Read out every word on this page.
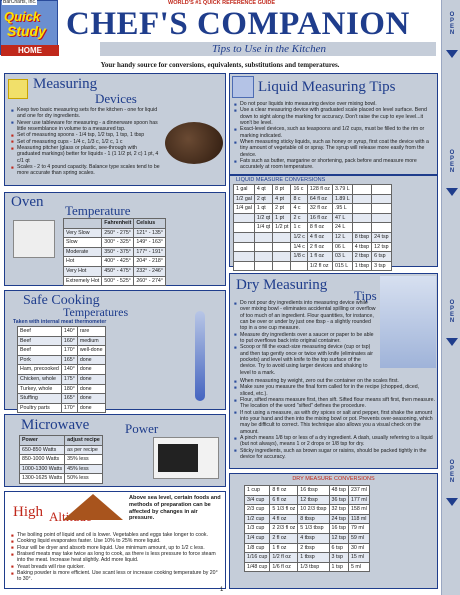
Quick
Study
HOME
BarCharts, Inc.	WORLD'S #1 QUICK REFERENCE GUIDE
CHEF'S COMPANION
Tips to Use in the Kitchen
Your handy source for conversions, equivalents, substitutions and temperatures.
OPEN
OPEN
OPEN
OPEN
Measuring
Devices
■ Keep two basic measuring sets for the kitchen - one for liquid and one for dry ingredients.
■ Never use tableware for measuring - a dinnerware spoon has little resemblance in volume to a measured tsp.
■ Set of measuring spoons - 1/4 tsp, 1/2 tsp, 1 tsp, 1 tbsp
■ Set of measuring cups - 1/4 c, 1/3 c, 1/2 c, 1 c
■ Measuring pitcher (glass or plastic, see-through with graduated markings) better for liquids - 1 (1 1/2 pt, 2 c) 1 pt, 4 c/1 qt
■ Scales - 2 to 4 pound capacity. Balance type scales tend to be more accurate than spring scales.
Liquid Measuring Tips
■ Do not pour liquids into measuring device over mixing bowl.
■ Use a clear measuring device with graduated scale placed on level surface. Bend down to sight along the marking for accuracy. Don't raise the cup to eye level...it won't be level.
■ Exact-level devices, such as teaspoons and 1/2 cups, must be filled to the rim or marking indicated.
■ When measuring sticky liquids, such as honey or syrup, first coat the device with a tiny amount of vegetable oil or spray. The syrup will release more easily from the device.
■ Fats such as butter, margarine or shortening, pack before and measure more accurately at room temperature.
LIQUID MEASURE CONVERSIONS
1 gal	4 qt	8 pt	16 c	128 fl oz	3.79 L		
1/2 gal	2 qt	4 pt	8 c	64 fl oz	1.89 L		
1/4 gal	1 qt	2 pt	4 c	32 fl oz	.95 L		
	1/2 qt	1 pt	2 c	16 fl oz	47 L		
	1/4 qt	1/2 pt	1 c	8 fl oz	24 L		
			1/2 c	4 fl oz	12 L	8 tbsp	24 tsp
			1/4 c	2 fl oz	06 L	4 tbsp	12 tsp
			1/8 c	1 fl oz	03 L	2 tbsp	6 tsp
				1/2 fl oz	015 L	1 tbsp	3 tsp
Oven
Temperature
	Fahrenheit	Celsius
Very Slow	250° - 275°	121° - 135°
Slow	300° - 325°	149° - 163°
Moderate	350° - 375°	177° - 191°
Hot	400° - 425°	204° - 218°
Very Hot	450° - 475°	232° - 246°
Extremely Hot	500° - 525°	260° - 274°
Safe Cooking
Temperatures
Taken with internal meat thermometer
Beef	140°	rare
Beef	160°	medium
Beef	170°	well-done
Pork	165°	done
Ham, precooked	140°	done
Chicken, whole	175°	done
Turkey, whole	180°	done
Stuffing	165°	done
Poultry parts	170°	done
Dry Measuring
Tips
■ Do not pour dry ingredients into measuring device while over mixing bowl - eliminates accidental spilling or overflow of too much of an ingredient. Flour quantities, for instance, can be over or under by just one tbsp - a slightly rounded top in a one cup measure.
■ Measure dry ingredients over a saucer or paper to be able to put overflows back into original container.
■ Scoop or fill the exact-size measuring device (cup or tsp) and then tap gently once or twice with knife (eliminates air pockets) and level with knife to the top surface of the device. Try to avoid using larger devices and shaking to level to a mark.
■ When measuring by weight, zero out the container on the scales first.
■ Make sure you measure the final form called for in the recipe (chopped, diced, sliced, etc.).
■ Flour, sifted means measure first, then sift. Sifted flour means sift first, then measure. The location of the word "sifted" defines the procedure.
■ If not using a measure, as with dry spices or salt and pepper, first shake the amount into your hand and then into the mixing bowl or pot. Prevents over-seasoning, which may be difficult to correct. This technique also allows you a visual check on the amount.
■ A pinch means 1/8 tsp or less of a dry ingredient. A dash, usually referring to a liquid (but not always), means 1 or 2 drops or 1/8 tsp for dry.
■ Sticky ingredients, such as brown sugar or raisins, should be packed tightly in the device for accuracy.
Microwave	Power
Power	adjust recipe
650-850 Watts	as per recipe
850-1000 Watts	35% less
1000-1300 Watts	45% less
1300-1625 Watts	50% less	DRY MEASURE CONVERSIONS
1 cup	8 fl oz	16 tbsp	48 tsp	237 ml
3/4 cup	6 fl oz	12 tbsp	36 tsp	177 ml
2/3 cup	5 1/3 fl oz	10 2/3 tbsp	32 tsp	158 ml
1/2 cup	4 fl oz	8 tbsp	24 tsp	118 ml
1/3 cup	2 2/3 fl oz	5 1/3 tbsp	16 tsp	79 ml
1/4 cup	2 fl oz	4 tbsp	12 tsp	59 ml
1/8 cup	1 fl oz	2 tbsp	6 tsp	30 ml
1/16 cup	1/2 fl oz	1 tbsp	3 tsp	15 ml
1/48 cup	1/6 fl oz	1/3 tbsp	1 tsp	5 ml
High Altitude
Above sea level, certain foods and methods of preparation can be affected by changes in air pressure.
■ The boiling point of liquid and oil is lower. Vegetables and eggs take longer to cook.
■ Cooking liquid evaporates faster. Use 10% to 25% more liquid.
■ Flour will be dryer and absorb more liquid. Use minimum amount, up to 1/2 c less.
■ Braised meats may take twice as long to cook, as there is less pressure to force steam into the meat. Increase heat slightly. Add more liquid.
■ Yeast breads will rise quicker.
■ Baking powder is more efficient. Use scant less or increase cooking temperature by 20° to 30°.
1
